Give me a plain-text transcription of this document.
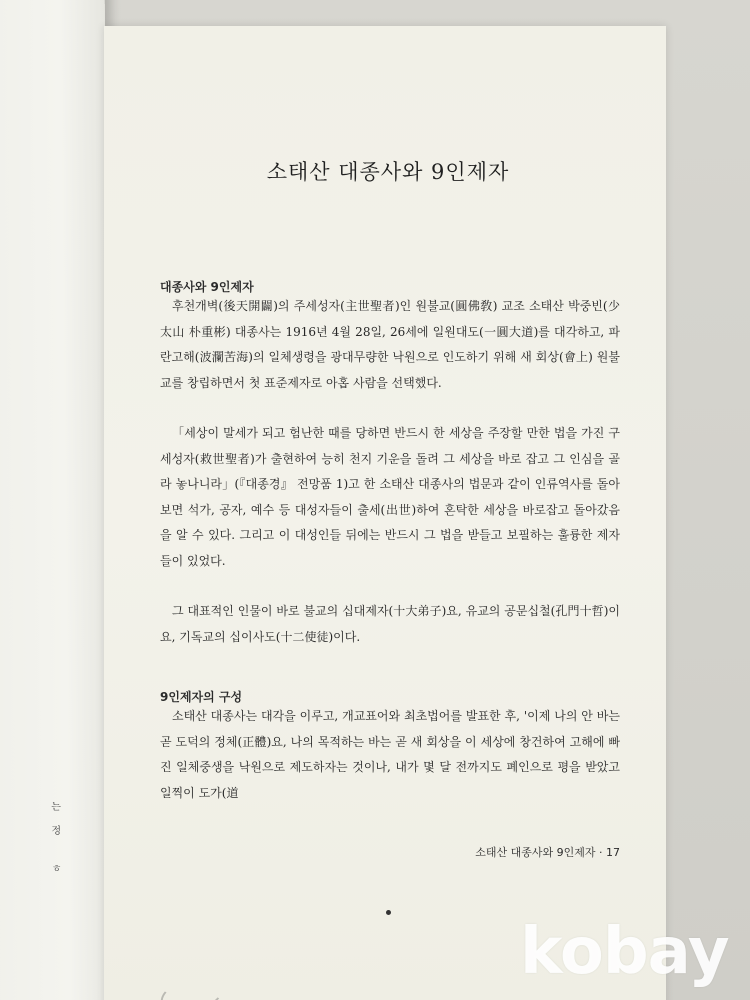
는
정
ㅎ
소태산 대종사와 9인제자
대종사와 9인제자

후천개벽(後天開闢)의 주세성자(主世聖者)인 원불교(圓佛敎) 교조 소태산 박중빈(少太山 朴重彬) 대종사는 1916년 4월 28일, 26세에 일원대도(一圓大道)를 대각하고, 파란고해(波瀾苦海)의 일체생령을 광대무량한 낙원으로 인도하기 위해 새 회상(會上) 원불교를 창립하면서 첫 표준제자로 아홉 사람을 선택했다.

「세상이 말세가 되고 험난한 때를 당하면 반드시 한 세상을 주장할 만한 법을 가진 구세성자(救世聖者)가 출현하여 능히 천지 기운을 돌려 그 세상을 바로 잡고 그 인심을 골라 놓나니라」(『대종경』 전망품 1)고 한 소태산 대종사의 법문과 같이 인류역사를 돌아 보면 석가, 공자, 예수 등 대성자들이 출세(出世)하여 혼탁한 세상을 바로잡고 돌아갔음을 알 수 있다. 그리고 이 대성인들 뒤에는 반드시 그 법을 받들고 보필하는 훌륭한 제자들이 있었다.

그 대표적인 인물이 바로 불교의 십대제자(十大弟子)요, 유교의 공문십철(孔門十哲)이요, 기독교의 십이사도(十二使徒)이다.

9인제자의 구성

소태산 대종사는 대각을 이루고, 개교표어와 최초법어를 발표한 후, '이제 나의 안 바는 곧 도덕의 정체(正體)요, 나의 목적하는 바는 곧 새 회상을 이 세상에 창건하여 고해에 빠진 일체중생을 낙원으로 제도하자는 것이나, 내가 몇 달 전까지도 폐인으로 평을 받았고 일찍이 도가(道

소태산 대종사와 9인제자 · 17
kobay
